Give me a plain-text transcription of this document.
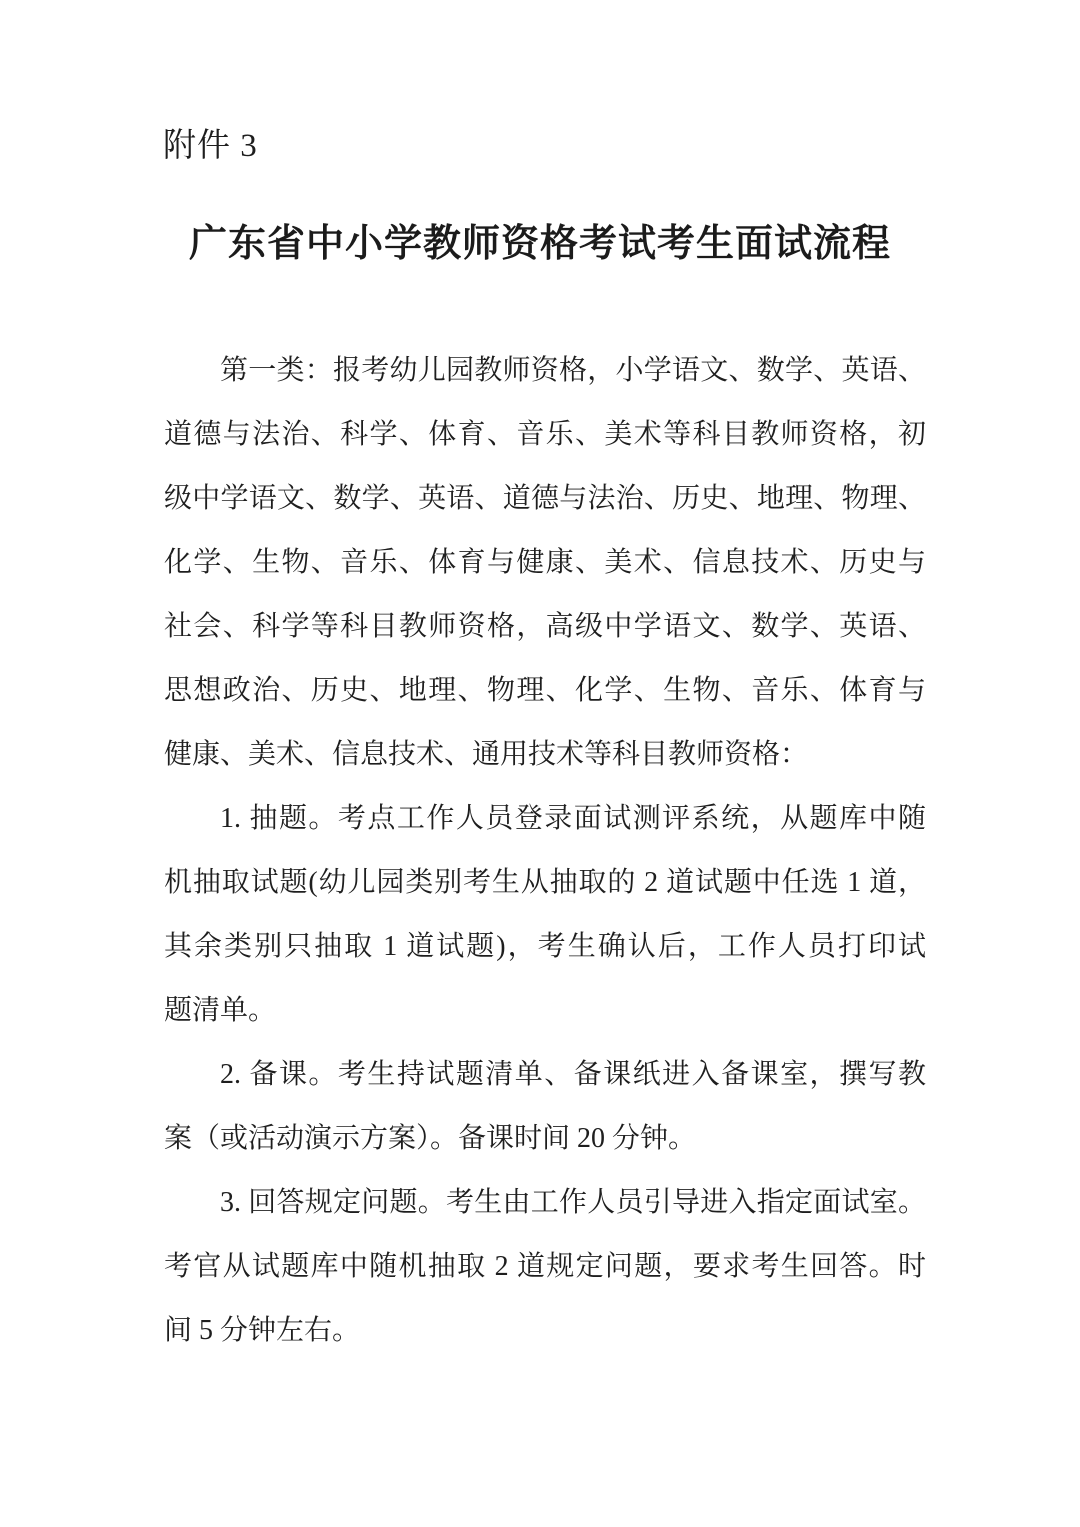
附件 3
广东省中小学教师资格考试考生面试流程
第一类：报考幼儿园教师资格，小学语文、数学、英语、
道德与法治、科学、体育、音乐、美术等科目教师资格，初
级中学语文、数学、英语、道德与法治、历史、地理、物理、
化学、生物、音乐、体育与健康、美术、信息技术、历史与
社会、科学等科目教师资格，高级中学语文、数学、英语、
思想政治、历史、地理、物理、化学、生物、音乐、体育与
健康、美术、信息技术、通用技术等科目教师资格：
1. 抽题。考点工作人员登录面试测评系统，从题库中随
机抽取试题(幼儿园类别考生从抽取的 2 道试题中任选 1 道，
其余类别只抽取 1 道试题)，考生确认后，工作人员打印试
题清单。
2. 备课。考生持试题清单、备课纸进入备课室，撰写教
案（或活动演示方案）。备课时间 20 分钟。
3. 回答规定问题。考生由工作人员引导进入指定面试室。
考官从试题库中随机抽取 2 道规定问题，要求考生回答。时
间 5 分钟左右。
